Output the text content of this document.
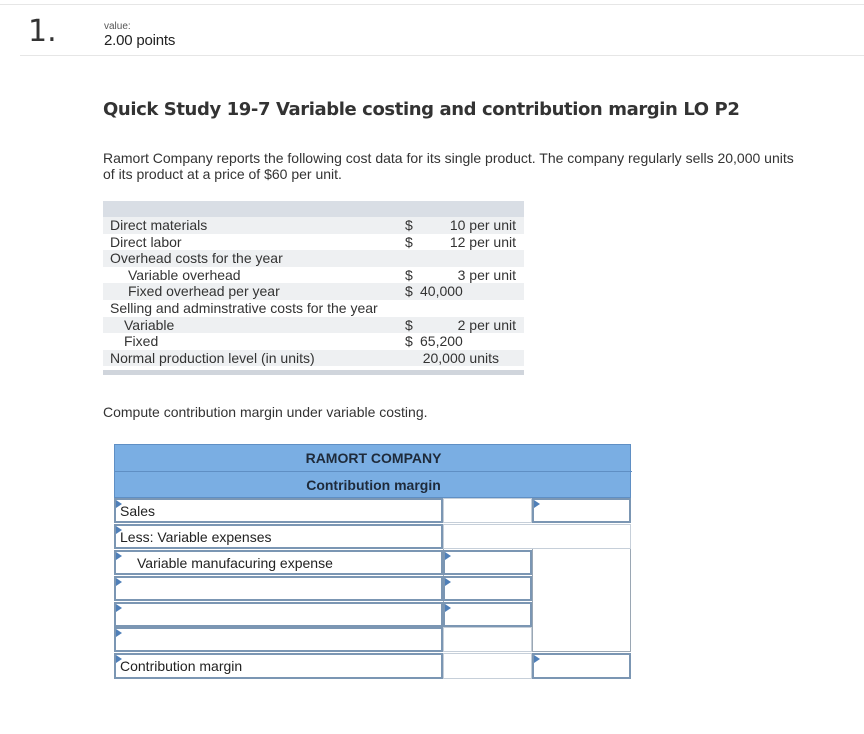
1.	value:
2.00 points
Quick Study 19-7 Variable costing and contribution margin LO P2
Ramort Company reports the following cost data for its single product. The company regularly sells 20,000 units of its product at a price of $60 per unit.
Direct materials	$	10 per unit
Direct labor	$	12 per unit
Overhead costs for the year
Variable overhead	$	3 per unit
Fixed overhead per year	$ 40,000
Selling and adminstrative costs for the year
Variable	$	2 per unit
Fixed	$ 65,200
Normal production level (in units)	20,000 units
Compute contribution margin under variable costing.
RAMORT COMPANY
Contribution margin
Sales
Less: Variable expenses
Variable manufacuring expense
Contribution margin
